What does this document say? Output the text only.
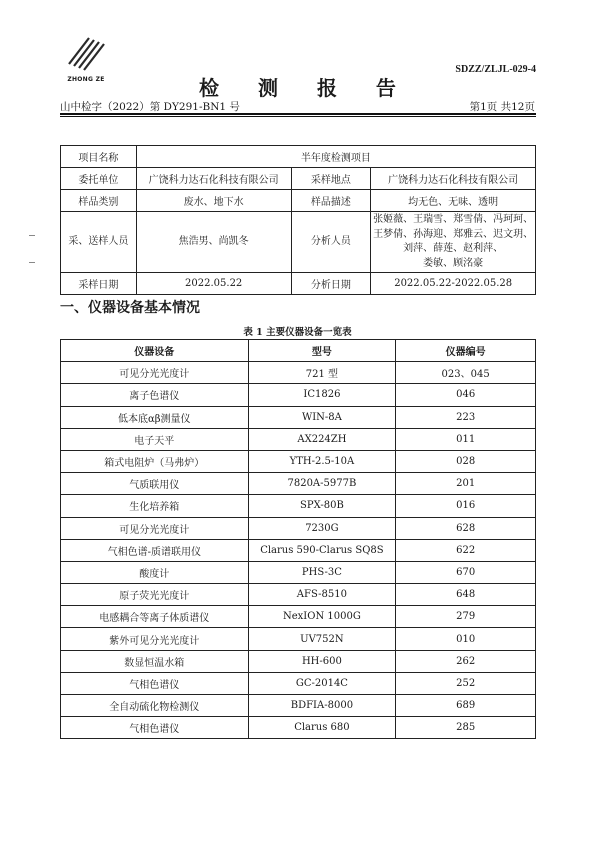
ZHONG ZE
SDZZ/ZLJL-029-4
检 测 报 告
山中检字（2022）第 DY291-BN1 号	第1页 共12页
项目名称	半年度检测项目		
委托单位	广饶科力达石化科技有限公司	采样地点	广饶科力达石化科技有限公司
样品类别	废水、地下水	样品描述	均无色、无味、透明
采、送样人员	焦浩男、尚凯冬	分析人员	张姬薇、王瑞雪、郑雪倩、冯珂珂、
王梦倩、孙海迎、郑雅云、迟文玥、
刘萍、薛莲、赵利萍、
娄敏、顾洺豪

采样日期	2022.05.22	分析日期	2022.05.22-2022.05.28
一、仪器设备基本情况
表 1 主要仪器设备一览表
仪器设备	型号	仪器编号
可见分光光度计	721 型	023、045
离子色谱仪	IC1826	046
低本底αβ测量仪	WIN-8A	223
电子天平	AX224ZH	011
箱式电阻炉（马弗炉）	YTH-2.5-10A	028
气质联用仪	7820A-5977B	201
生化培养箱	SPX-80B	016
可见分光光度计	7230G	628
气相色谱-质谱联用仪	Clarus 590-Clarus SQ8S	622
酸度计	PHS-3C	670
原子荧光光度计	AFS-8510	648
电感耦合等离子体质谱仪	NexION 1000G	279
紫外可见分光光度计	UV752N	010
数显恒温水箱	HH-600	262
气相色谱仪	GC-2014C	252
全自动硫化物检测仪	BDFIA-8000	689
气相色谱仪	Clarus 680	285
